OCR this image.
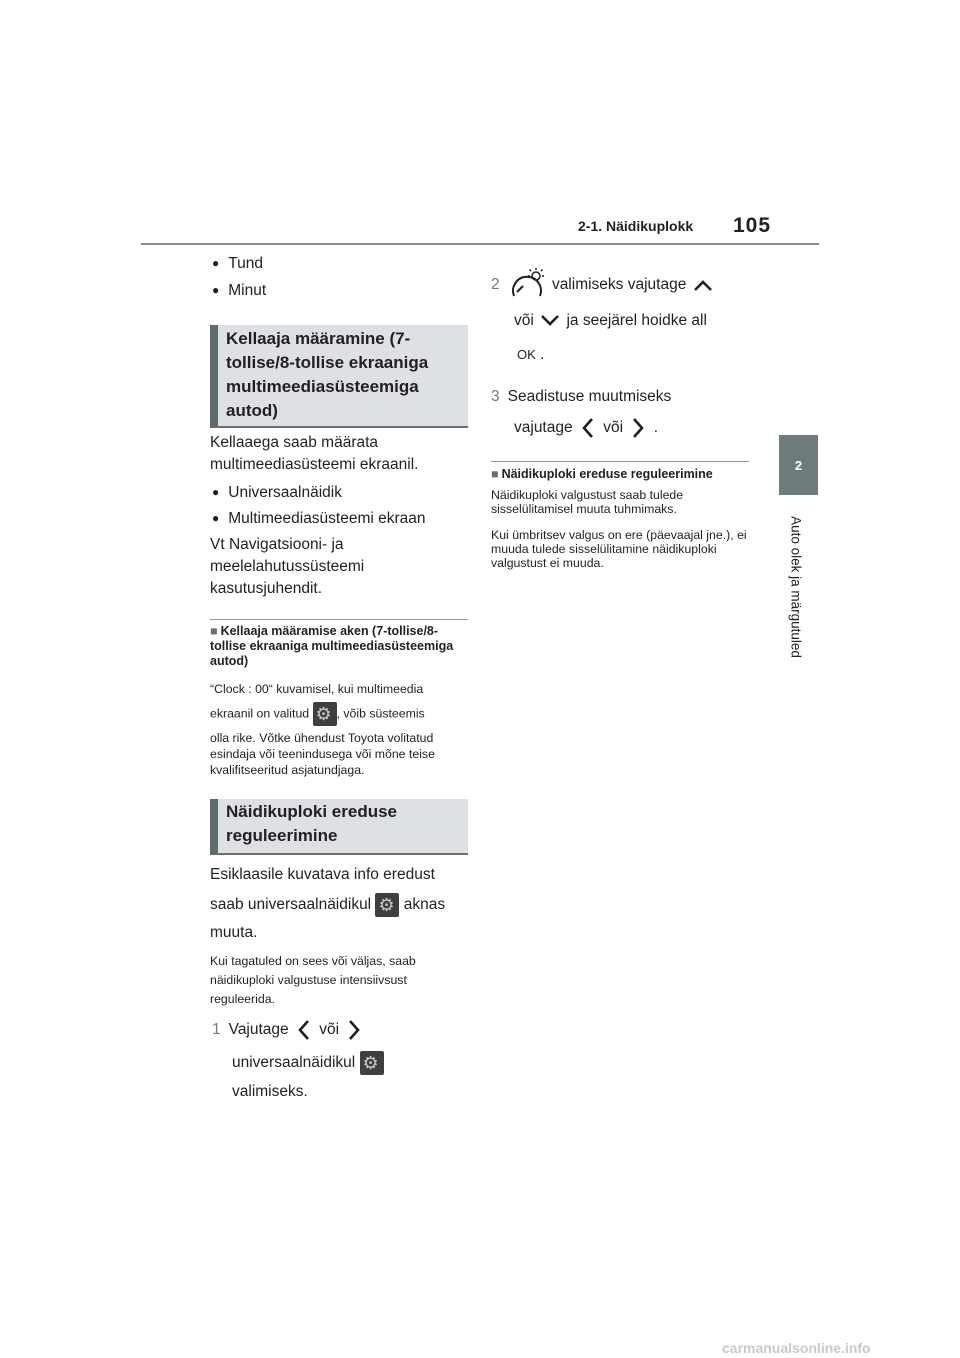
2-1. Näidikuplokk 105
2
Auto olek ja märgutuled
● Tund
● Minut
Kellaaja määramine (7-tollise/8-tollise ekraaniga multimeediasüsteemiga autod)
Kellaaega saab määrata multimeediasüsteemi ekraanil.
● Universaalnäidik
● Multimeediasüsteemi ekraan
Vt Navigatsiooni- ja meelelahutussüsteemi kasutusjuhendit.
■ Kellaaja määramise aken (7-tollise/8-tollise ekraaniga multimeediasüsteemiga autod)
“Clock : 00“ kuvamisel, kui multimeedia
ekraanil on valitud ⚙ , võib süsteemis
olla rike. Võtke ühendust Toyota volitatud esindaja või teenindusega või mõne teise kvalifitseeritud asjatundjaga.
Näidikuploki ereduse reguleerimine
Esiklaasile kuvatava info eredust
saab universaalnäidikul ⚙ aknas
muuta.
Kui tagatuled on sees või väljas, saab näidikuploki valgustuse intensiivsust reguleerida.
1 Vajutage või
universaalnäidikul ⚙
valimiseks.
2	valimiseks vajutage
või ja seejärel hoidke all
OK .
3 Seadistuse muutmiseks
vajutage või .
■ Näidikuploki ereduse reguleerimine
Näidikuploki valgustust saab tulede sisselülitamisel muuta tuhmimaks.
Kui ümbritsev valgus on ere (päevaajal jne.), ei muuda tulede sisselülitamine näidikuploki valgustust ei muuda.
carmanualsonline.info
